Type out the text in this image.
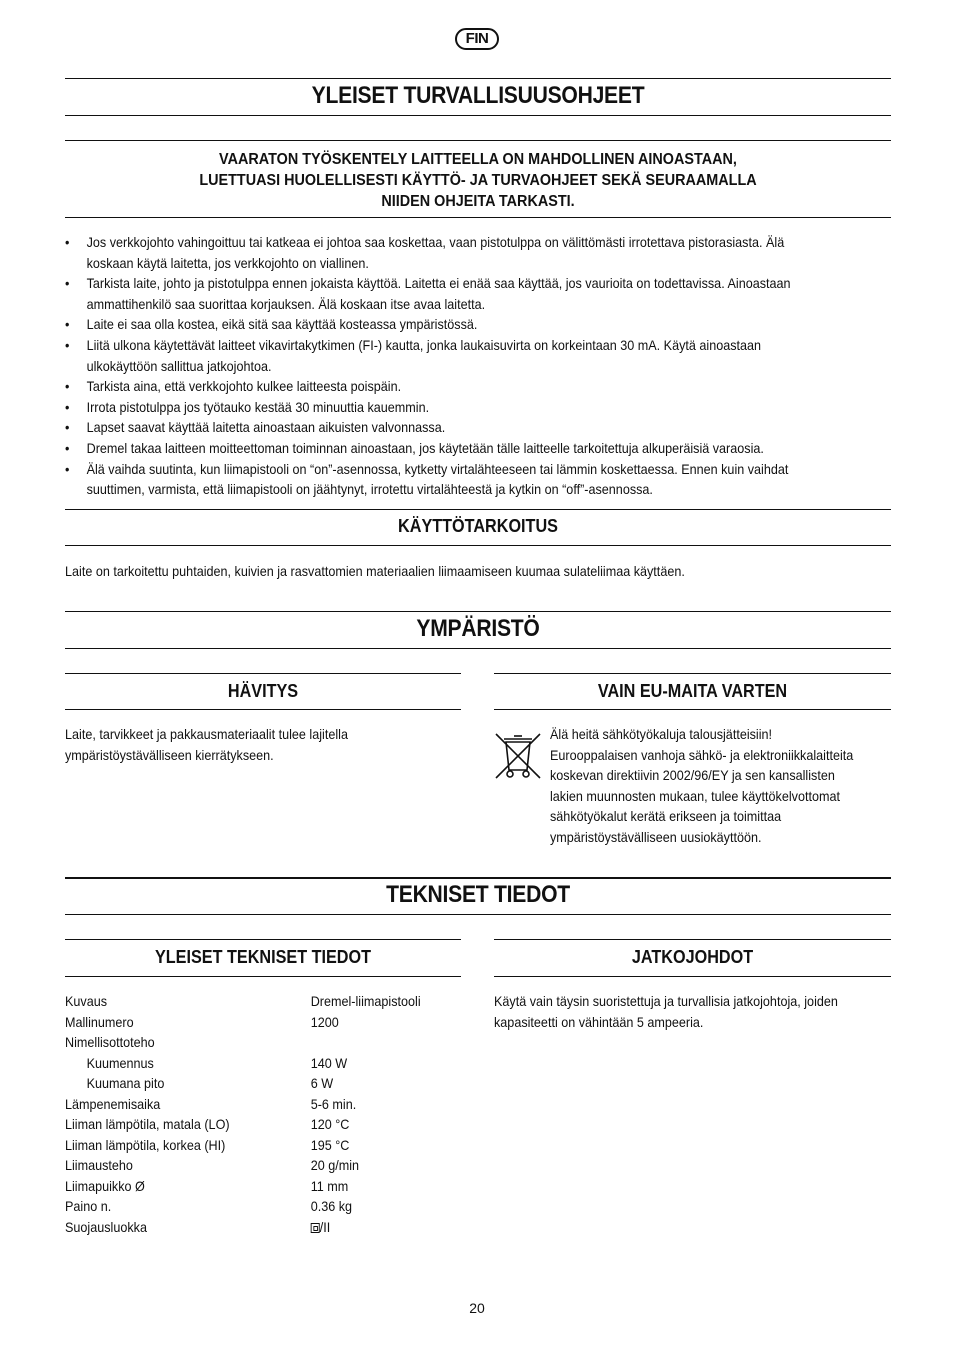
FIN
YLEISET TURVALLISUUSOHJEET
VAARATON TYÖSKENTELY LAITTEELLA ON MAHDOLLINEN AINOASTAAN,
LUETTUASI HUOLELLISESTI KÄYTTÖ- JA TURVAOHJEET SEKÄ SEURAAMALLA
NIIDEN OHJEITA TARKASTI.
• Jos verkkojohto vahingoittuu tai katkeaa ei johtoa saa koskettaa, vaan pistotulppa on välittömästi irrotettava pistorasiasta. Älä
koskaan käytä laitetta, jos verkkojohto on viallinen.
• Tarkista laite, johto ja pistotulppa ennen jokaista käyttöä. Laitetta ei enää saa käyttää, jos vaurioita on todettavissa. Ainoastaan
ammattihenkilö saa suorittaa korjauksen. Älä koskaan itse avaa laitetta.
• Laite ei saa olla kostea, eikä sitä saa käyttää kosteassa ympäristössä.
• Liitä ulkona käytettävät laitteet vikavirtakytkimen (FI-) kautta, jonka laukaisuvirta on korkeintaan 30 mA. Käytä ainoastaan
ulkokäyttöön sallittua jatkojohtoa.
• Tarkista aina, että verkkojohto kulkee laitteesta poispäin.
• Irrota pistotulppa jos työtauko kestää 30 minuuttia kauemmin.
• Lapset saavat käyttää laitetta ainoastaan aikuisten valvonnassa.
• Dremel takaa laitteen moitteettoman toiminnan ainoastaan, jos käytetään tälle laitteelle tarkoitettuja alkuperäisiä varaosia.
• Älä vaihda suutinta, kun liimapistooli on “on”-asennossa, kytketty virtalähteeseen tai lämmin koskettaessa. Ennen kuin vaihdat
suuttimen, varmista, että liimapistooli on jäähtynyt, irrotettu virtalähteestä ja kytkin on “off”-asennossa.
KÄYTTÖTARKOITUS
Laite on tarkoitettu puhtaiden, kuivien ja rasvattomien materiaalien liimaamiseen kuumaa sulateliimaa käyttäen.
YMPÄRISTÖ
HÄVITYS
Laite, tarvikkeet ja pakkausmateriaalit tulee lajitella
ympäristöystävälliseen kierrätykseen.
VAIN EU-MAITA VARTEN
Älä heitä sähkötyökaluja talousjätteisiin!
Eurooppalaisen vanhoja sähkö- ja elektroniikkalaitteita
koskevan direktiivin 2002/96/EY ja sen kansallisten
lakien muunnosten mukaan, tulee käyttökelvottomat
sähkötyökalut kerätä erikseen ja toimittaa
ympäristöystävälliseen uusiokäyttöön.
TEKNISET TIEDOT
YLEISET TEKNISET TIEDOT
Kuvaus	Dremel-liimapistooli
Mallinumero	1200
Nimellisottoteho	
Kuumennus	140 W
Kuumana pito	6 W
Lämpenemisaika	5-6 min.
Liiman lämpötila, matala (LO)	120 °C
Liiman lämpötila, korkea (HI)	195 °C
Liimausteho	20 g/min
Liimapuikko Ø	11 mm
Paino n.	0.36 kg
Suojausluokka	/II
JATKOJOHDOT
Käytä vain täysin suoristettuja ja turvallisia jatkojohtoja, joiden
kapasiteetti on vähintään 5 ampeeria.
20
